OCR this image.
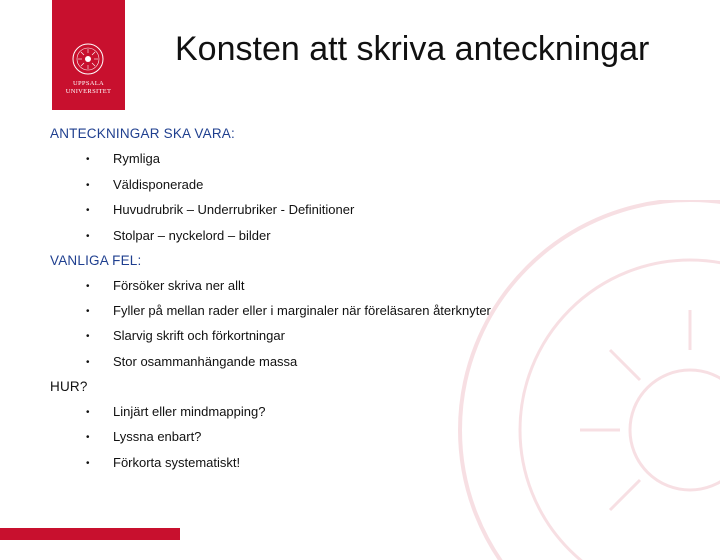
UPPSALA
UNIVERSITET
Konsten att skriva anteckningar
ANTECKNINGAR SKA VARA:
• Rymliga
• Väldisponerade
• Huvudrubrik – Underrubriker - Definitioner
• Stolpar – nyckelord – bilder
VANLIGA FEL:
• Försöker skriva ner allt
• Fyller på mellan rader eller i marginaler när föreläsaren återknyter
• Slarvig skrift och förkortningar
• Stor osammanhängande massa
HUR?
• Linjärt eller mindmapping?
• Lyssna enbart?
• Förkorta systematiskt!
